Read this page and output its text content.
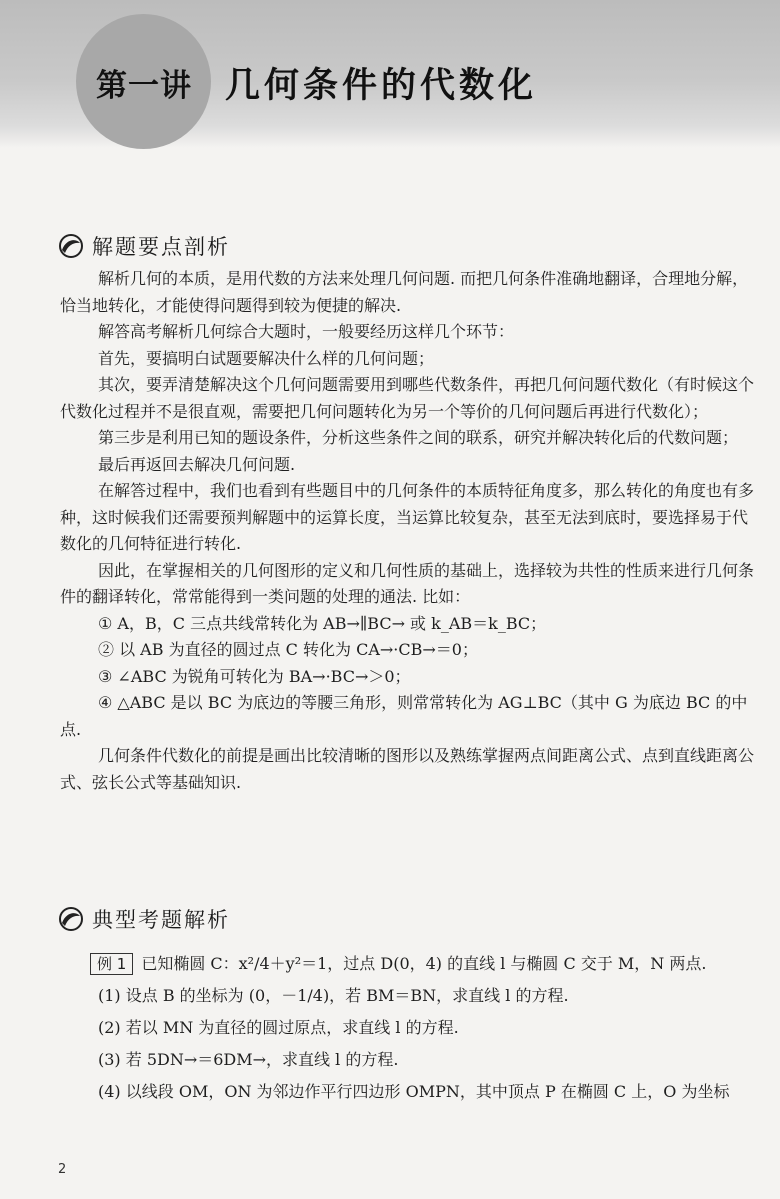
第一讲 几何条件的代数化
解题要点剖析

解析几何的本质，是用代数的方法来处理几何问题. 而把几何条件准确地翻译，合理地分解，恰当地转化，才能使得问题得到较为便捷的解决.

解答高考解析几何综合大题时，一般要经历这样几个环节：

首先，要搞明白试题要解决什么样的几何问题；

其次，要弄清楚解决这个几何问题需要用到哪些代数条件，再把几何问题代数化（有时候这个代数化过程并不是很直观，需要把几何问题转化为另一个等价的几何问题后再进行代数化）；

第三步是利用已知的题设条件，分析这些条件之间的联系，研究并解决转化后的代数问题；

最后再返回去解决几何问题.

在解答过程中，我们也看到有些题目中的几何条件的本质特征角度多，那么转化的角度也有多种，这时候我们还需要预判解题中的运算长度，当运算比较复杂，甚至无法到底时，要选择易于代数化的几何特征进行转化.

因此，在掌握相关的几何图形的定义和几何性质的基础上，选择较为共性的性质来进行几何条件的翻译转化，常常能得到一类问题的处理的通法. 比如：

① A，B，C 三点共线常转化为 AB→∥BC→ 或 k_AB＝k_BC；

② 以 AB 为直径的圆过点 C 转化为 CA→·CB→＝0；

③ ∠ABC 为锐角可转化为 BA→·BC→＞0；

④ △ABC 是以 BC 为底边的等腰三角形，则常常转化为 AG⊥BC（其中 G 为底边 BC 的中点.

几何条件代数化的前提是画出比较清晰的图形以及熟练掌握两点间距离公式、点到直线距离公式、弦长公式等基础知识.

典型考题解析

例 1 已知椭圆 C：x²/4＋y²＝1，过点 D(0，4) 的直线 l 与椭圆 C 交于 M，N 两点.

(1) 设点 B 的坐标为 (0，－1/4)，若 BM＝BN，求直线 l 的方程.

(2) 若以 MN 为直径的圆过原点，求直线 l 的方程.

(3) 若 5DN→＝6DM→，求直线 l 的方程.

(4) 以线段 OM，ON 为邻边作平行四边形 OMPN，其中顶点 P 在椭圆 C 上，O 为坐标

2
